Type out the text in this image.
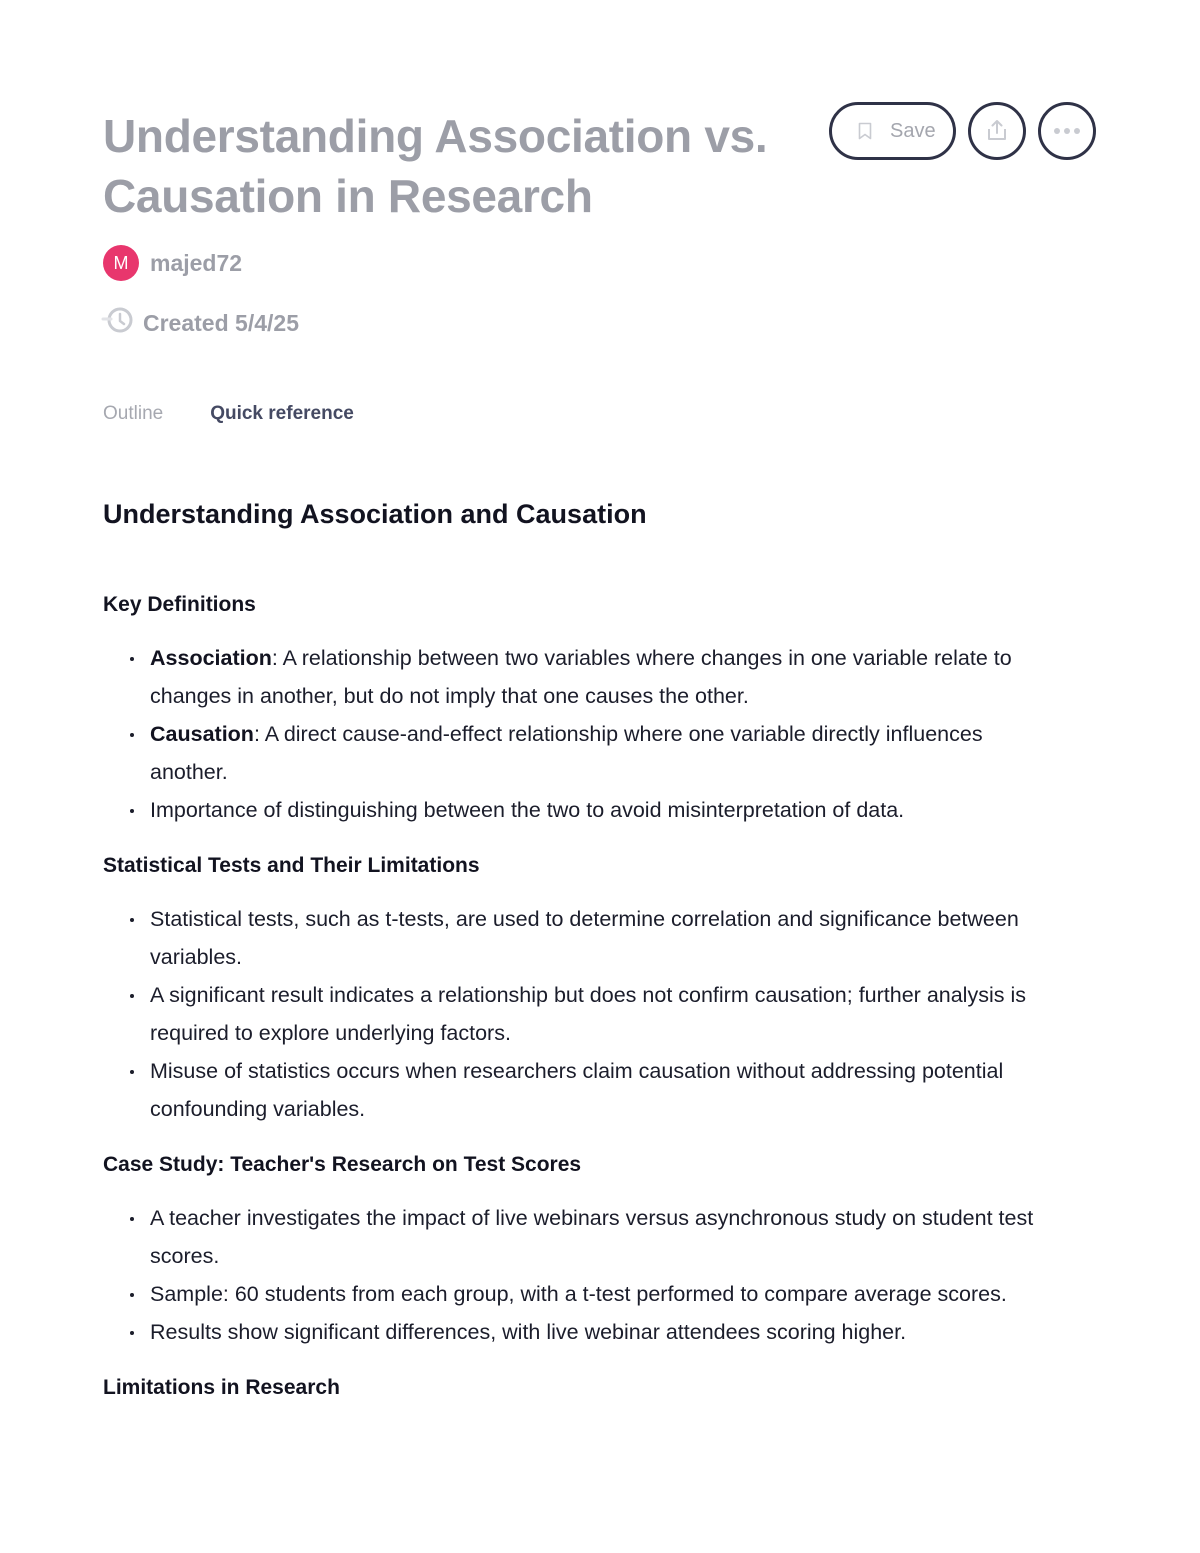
Understanding Association vs. Causation in Research
Save
M majed72
Created 5/4/25
Outline Quick reference
Understanding Association and Causation
Key Definitions
Association: A relationship between two variables where changes in one variable relate to changes in another, but do not imply that one causes the other.
Causation: A direct cause-and-effect relationship where one variable directly influences another.
Importance of distinguishing between the two to avoid misinterpretation of data.
Statistical Tests and Their Limitations
Statistical tests, such as t-tests, are used to determine correlation and significance between variables.
A significant result indicates a relationship but does not confirm causation; further analysis is required to explore underlying factors.
Misuse of statistics occurs when researchers claim causation without addressing potential confounding variables.
Case Study: Teacher's Research on Test Scores
A teacher investigates the impact of live webinars versus asynchronous study on student test scores.
Sample: 60 students from each group, with a t-test performed to compare average scores.
Results show significant differences, with live webinar attendees scoring higher.
Limitations in Research
